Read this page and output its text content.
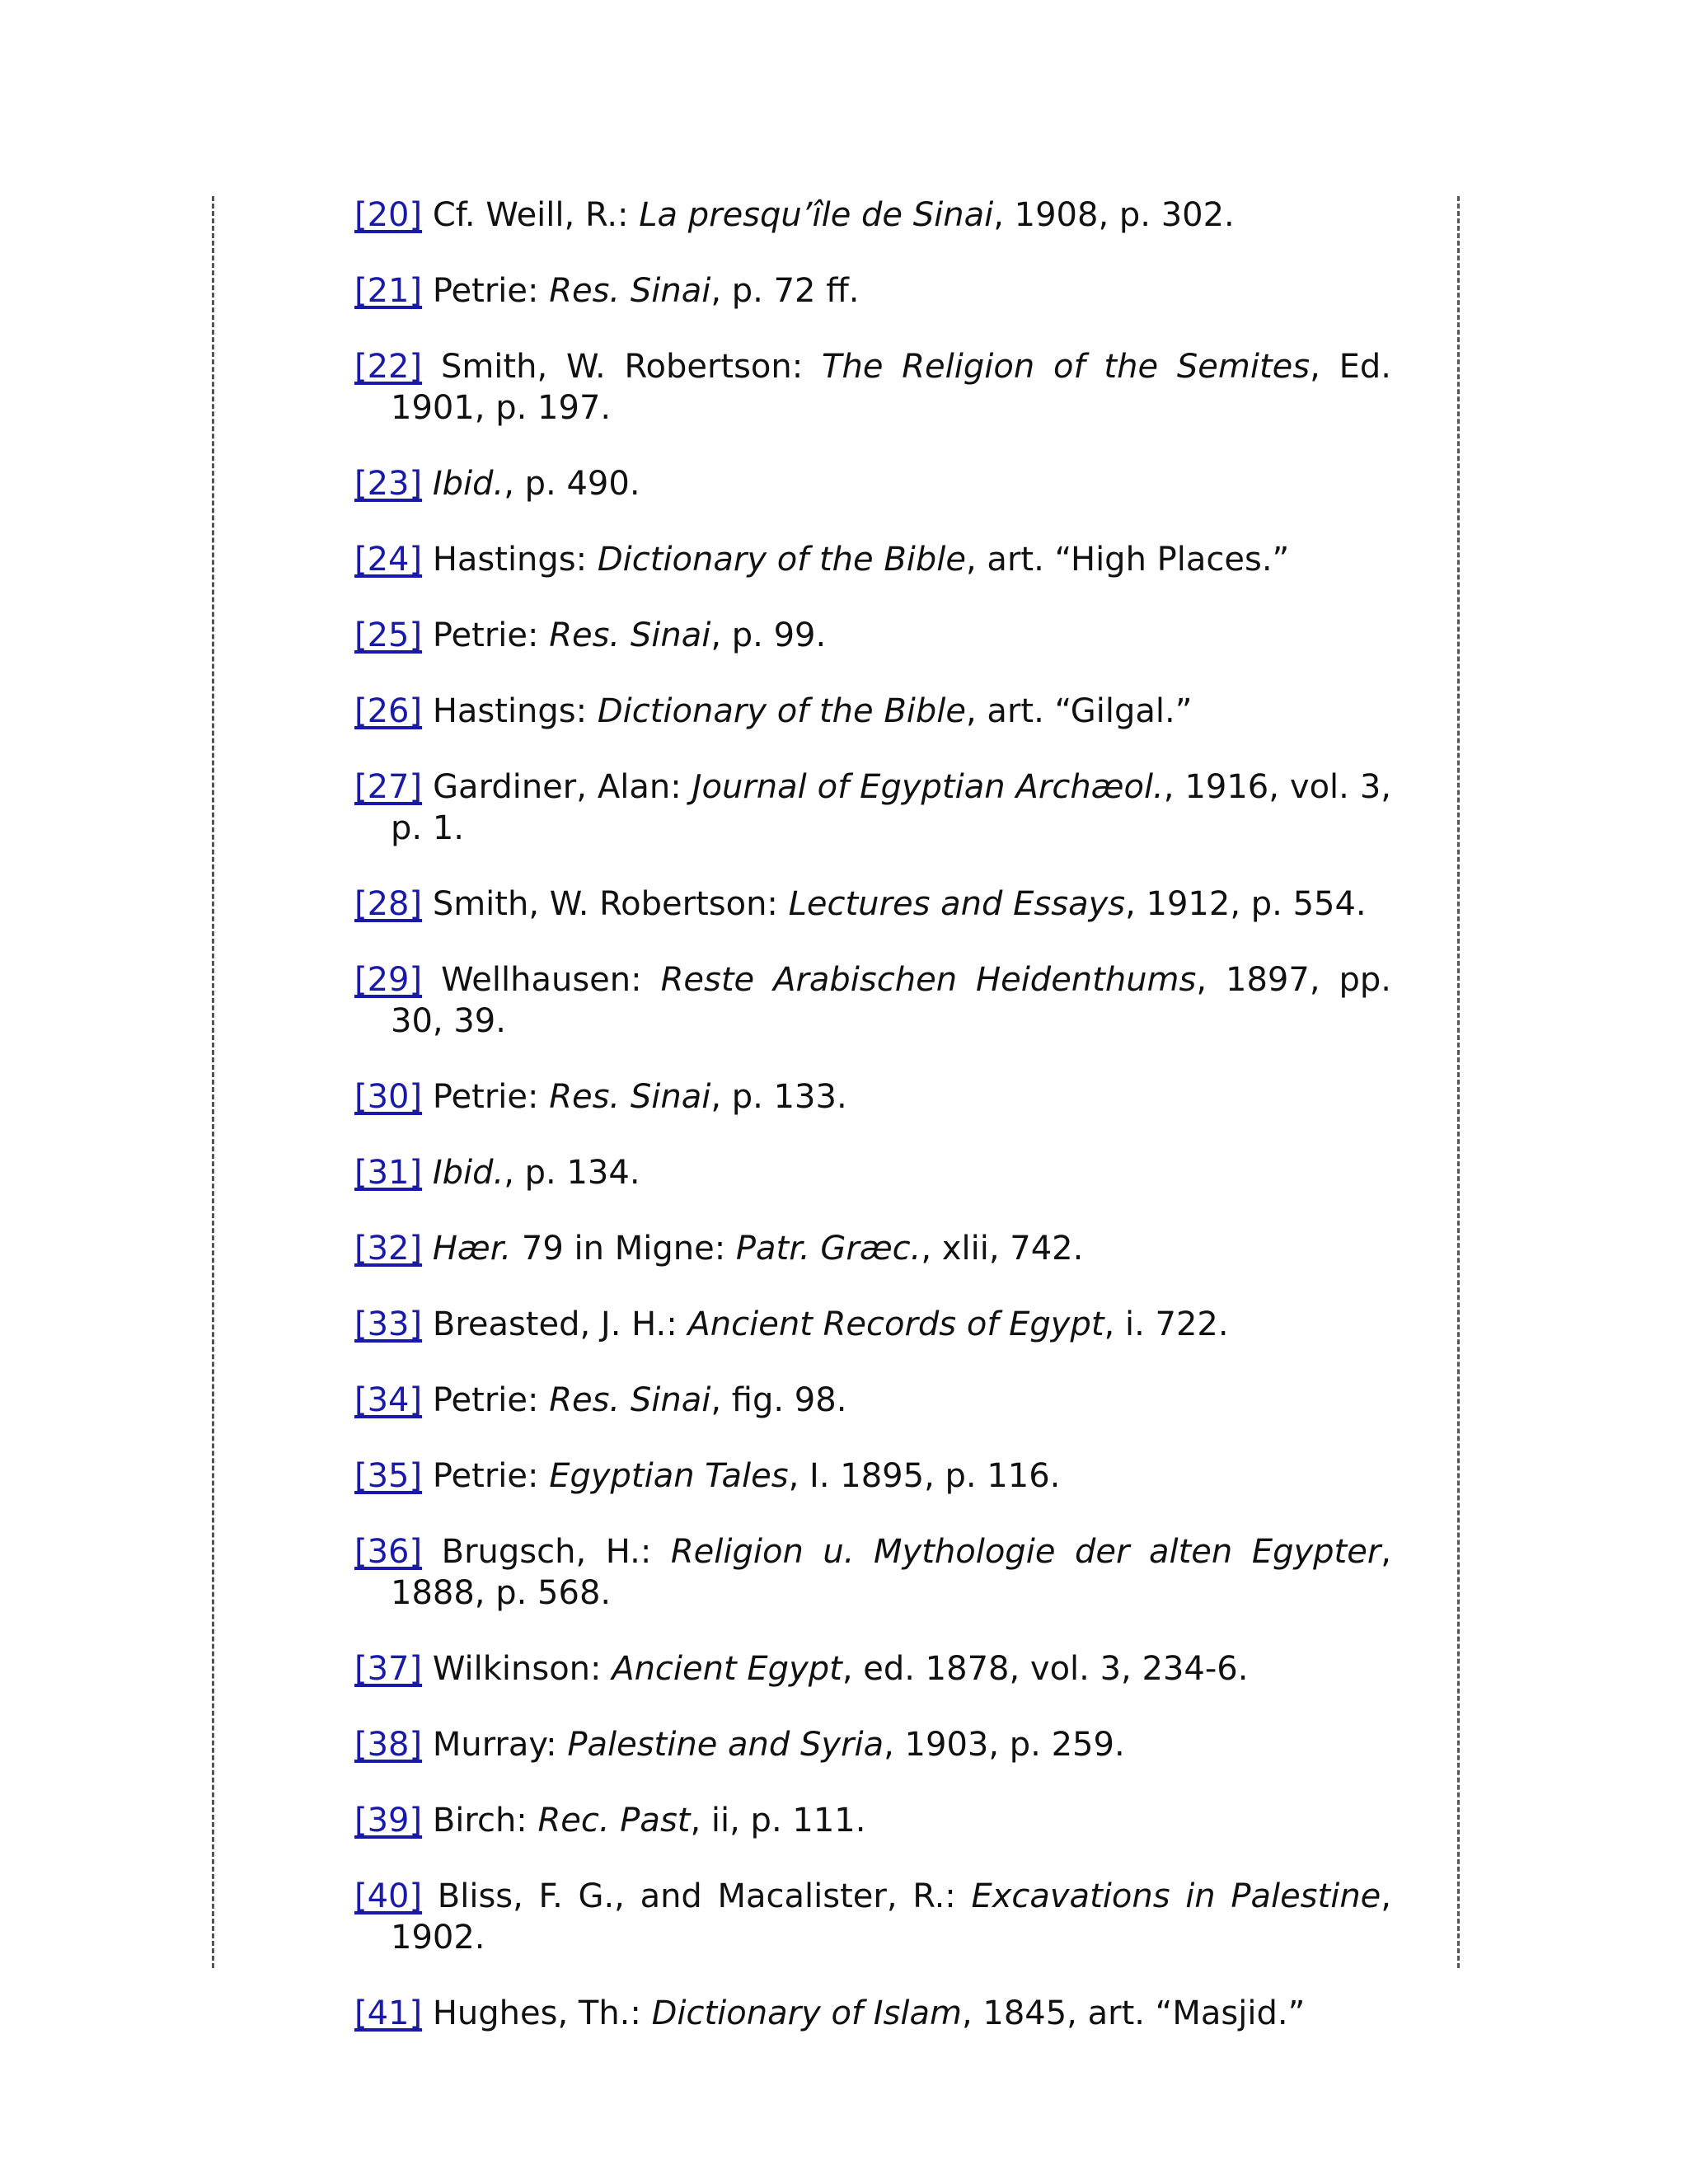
[20] Cf. Weill, R.: La presqu’île de Sinai, 1908, p. 302.
[21] Petrie: Res. Sinai, p. 72 ff.
[22] Smith, W. Robertson: The Religion of the Semites, Ed. 1901, p. 197.
[23] Ibid., p. 490.
[24] Hastings: Dictionary of the Bible, art. “High Places.”
[25] Petrie: Res. Sinai, p. 99.
[26] Hastings: Dictionary of the Bible, art. “Gilgal.”
[27] Gardiner, Alan: Journal of Egyptian Archæol., 1916, vol. 3, p. 1.
[28] Smith, W. Robertson: Lectures and Essays, 1912, p. 554.
[29] Wellhausen: Reste Arabischen Heidenthums, 1897, pp. 30, 39.
[30] Petrie: Res. Sinai, p. 133.
[31] Ibid., p. 134.
[32] Hær. 79 in Migne: Patr. Græc., xlii, 742.
[33] Breasted, J. H.: Ancient Records of Egypt, i. 722.
[34] Petrie: Res. Sinai, fig. 98.
[35] Petrie: Egyptian Tales, I. 1895, p. 116.
[36] Brugsch, H.: Religion u. Mythologie der alten Egypter, 1888, p. 568.
[37] Wilkinson: Ancient Egypt, ed. 1878, vol. 3, 234-6.
[38] Murray: Palestine and Syria, 1903, p. 259.
[39] Birch: Rec. Past, ii, p. 111.
[40] Bliss, F. G., and Macalister, R.: Excavations in Palestine, 1902.
[41] Hughes, Th.: Dictionary of Islam, 1845, art. “Masjid.”
